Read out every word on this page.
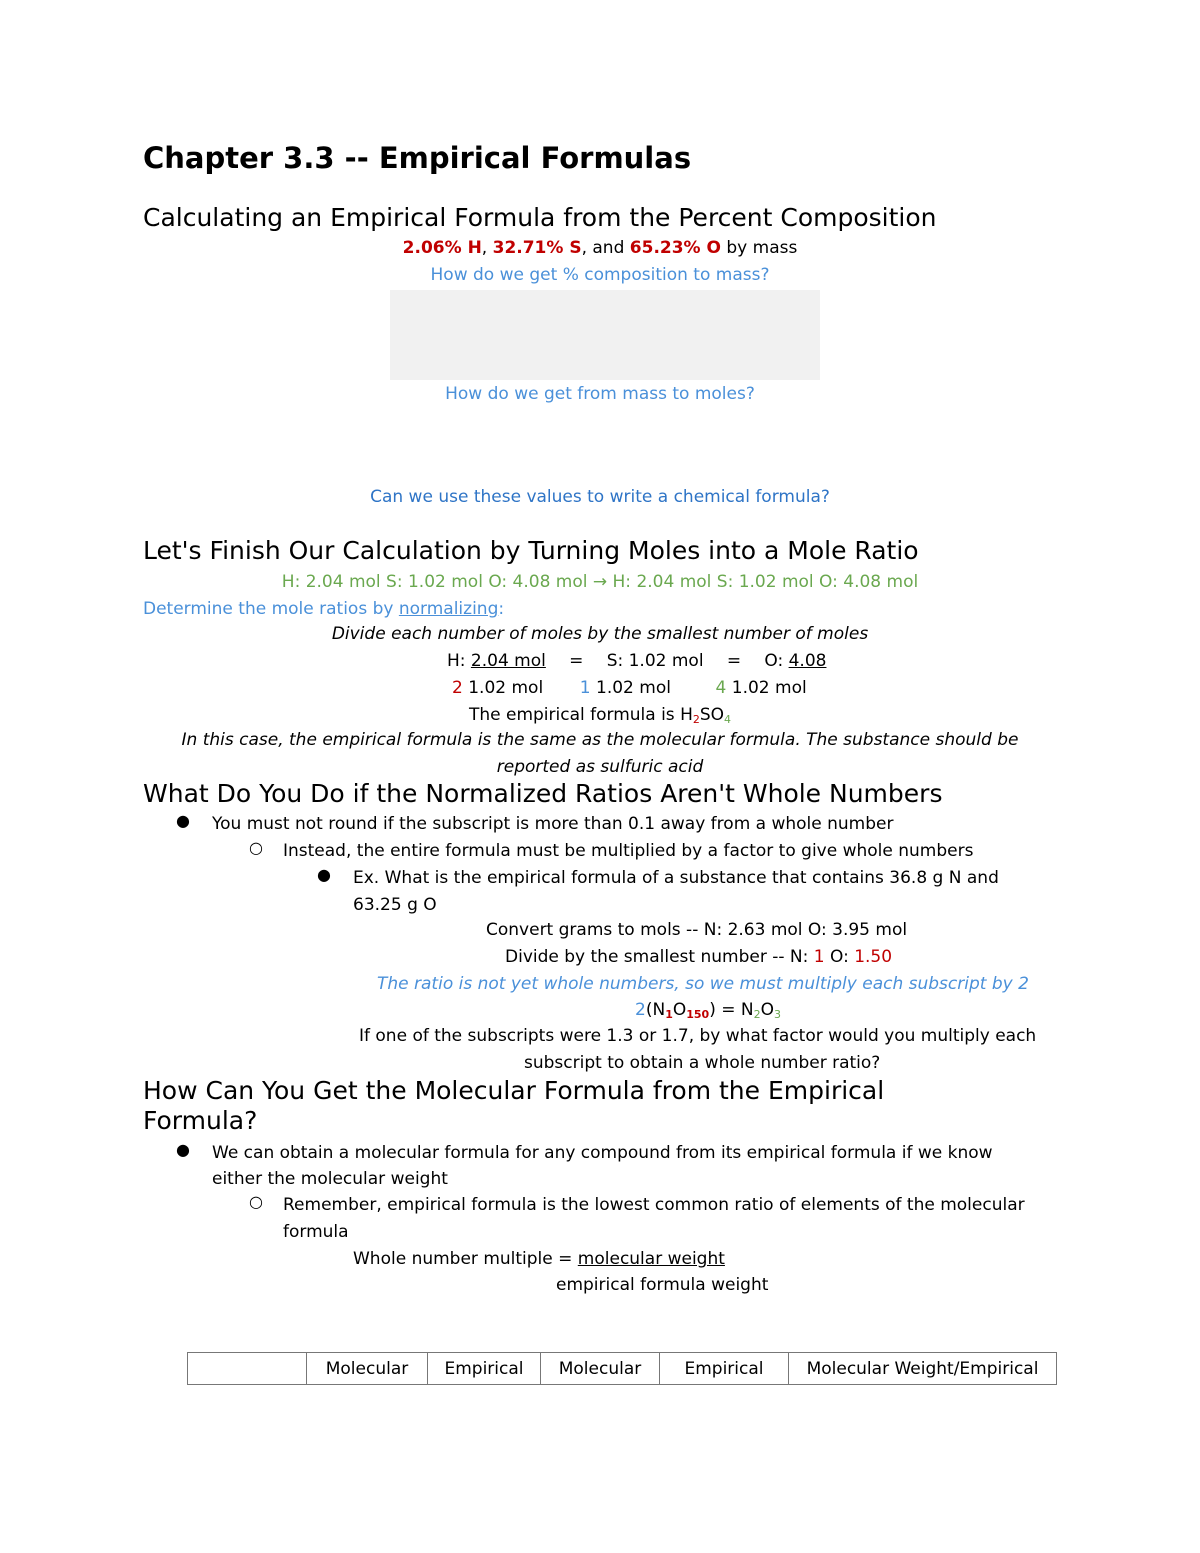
Chapter 3.3 -- Empirical Formulas
Calculating an Empirical Formula from the Percent Composition
2.06% H, 32.71% S, and 65.23% O by mass
How do we get % composition to mass?
How do we get from mass to moles?
Can we use these values to write a chemical formula?
Let's Finish Our Calculation by Turning Moles into a Mole Ratio
H: 2.04 mol S: 1.02 mol O: 4.08 mol → H: 2.04 mol S: 1.02 mol O: 4.08 mol
Determine the mole ratios by normalizing:
Divide each number of moles by the smallest number of moles
H: 2.04 mol = S: 1.02 mol = O: 4.08
2 1.02 mol 1 1.02 mol	4 1.02 mol
The empirical formula is $H_2SO_4$
In this case, the empirical formula is the same as the molecular formula. The substance should be
reported as sulfuric acid
What Do You Do if the Normalized Ratios Aren't Whole Numbers
● You must not round if the subscript is more than 0.1 away from a whole number
○ Instead, the entire formula must be multiplied by a factor to give whole numbers
● Ex. What is the empirical formula of a substance that contains 36.8 g N and
63.25 g O
Convert grams to mols -- N: 2.63 mol O: 3.95 mol
Divide by the smallest number -- N: 1 O: 1.50
The ratio is not yet whole numbers, so we must multiply each subscript by 2
$2(N_1O_{150}) = N_2O_3$
If one of the subscripts were 1.3 or 1.7, by what factor would you multiply each
subscript to obtain a whole number ratio?
How Can You Get the Molecular Formula from the Empirical
Formula?
● We can obtain a molecular formula for any compound from its empirical formula if we know
either the molecular weight
○ Remember, empirical formula is the lowest common ratio of elements of the molecular
formula
Whole number multiple = molecular weight
empirical formula weight
	Molecular	Empirical	Molecular	Empirical	Molecular Weight/Empirical
